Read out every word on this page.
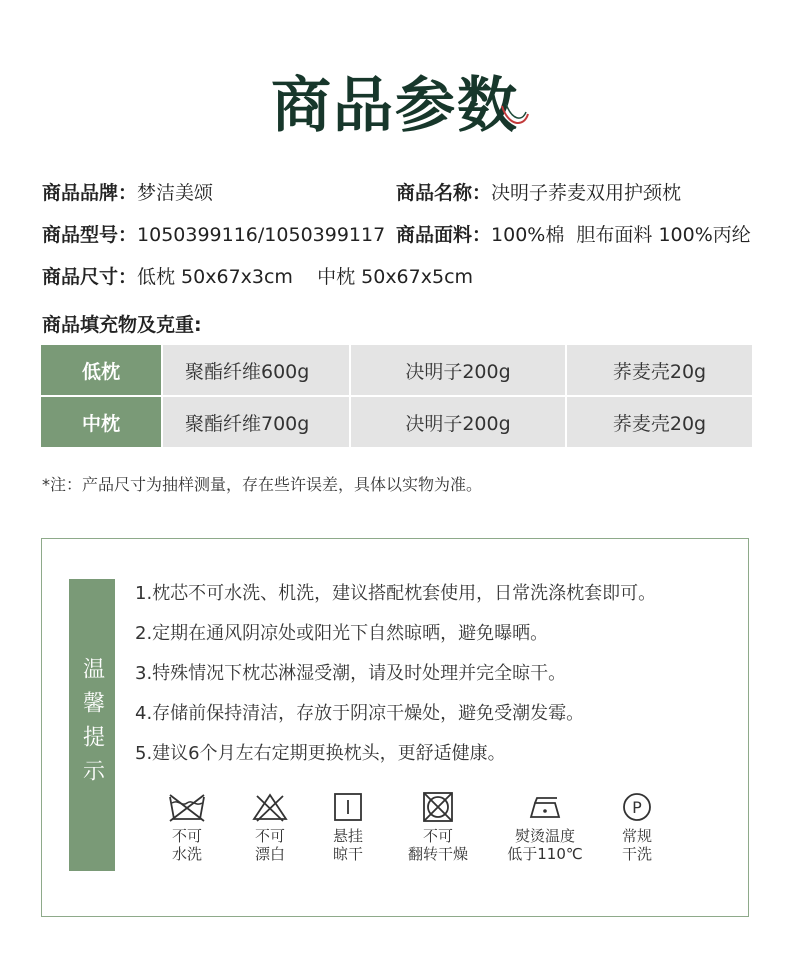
商品参数
商品品牌：梦洁美颂	商品名称：决明子荞麦双用护颈枕
商品型号：1050399116/1050399117 商品面料：100%棉  胆布面料 100%丙纶
商品尺寸：低枕 50x67x3cm    中枕 50x67x5cm
商品填充物及克重:
低枕	聚酯纤维600g	决明子200g	荞麦壳20g
中枕	聚酯纤维700g	决明子200g	荞麦壳20g
*注：产品尺寸为抽样测量，存在些许误差，具体以实物为准。
温馨提示
1.枕芯不可水洗、机洗，建议搭配枕套使用，日常洗涤枕套即可。
2.定期在通风阴凉处或阳光下自然晾晒，避免曝晒。
3.特殊情况下枕芯淋湿受潮，请及时处理并完全晾干。
4.存储前保持清洁，存放于阴凉干燥处，避免受潮发霉。
5.建议6个月左右定期更换枕头，更舒适健康。
不可
水洗
不可
漂白
悬挂
晾干
不可
翻转干燥
熨烫温度
低于110℃
P
常规
干洗
